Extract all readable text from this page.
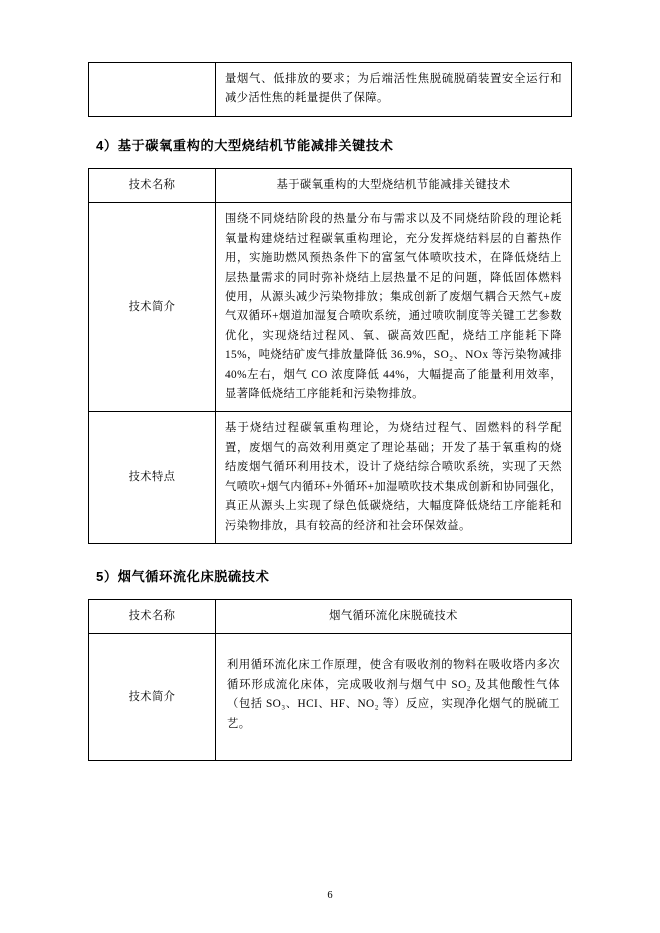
	量烟气、低排放的要求；为后端活性焦脱硫脱硝装置安全运行和减少活性焦的耗量提供了保障。
4）基于碳氧重构的大型烧结机节能减排关键技术
技术名称	基于碳氧重构的大型烧结机节能减排关键技术
技术简介	围绕不同烧结阶段的热量分布与需求以及不同烧结阶段的理论耗氧量构建烧结过程碳氧重构理论，充分发挥烧结料层的自蓄热作用，实施助燃风预热条件下的富氢气体喷吹技术，在降低烧结上层热量需求的同时弥补烧结上层热量不足的问题，降低固体燃料使用，从源头减少污染物排放；集成创新了废烟气耦合天然气+废气双循环+烟道加湿复合喷吹系统，通过喷吹制度等关键工艺参数优化，实现烧结过程风、氧、碳高效匹配，烧结工序能耗下降 15%，吨烧结矿废气排放量降低 36.9%，SO₂、NOx 等污染物减排 40%左右，烟气 CO 浓度降低 44%，大幅提高了能量利用效率，显著降低烧结工序能耗和污染物排放。
技术特点	基于烧结过程碳氧重构理论，为烧结过程气、固燃料的科学配置，废烟气的高效利用奠定了理论基础；开发了基于氧重构的烧结废烟气循环利用技术，设计了烧结综合喷吹系统，实现了天然气喷吹+烟气内循环+外循环+加湿喷吹技术集成创新和协同强化，真正从源头上实现了绿色低碳烧结，大幅度降低烧结工序能耗和污染物排放，具有较高的经济和社会环保效益。
5）烟气循环流化床脱硫技术
技术名称	烟气循环流化床脱硫技术
技术简介	利用循环流化床工作原理，使含有吸收剂的物料在吸收塔内多次循环形成流化床体，完成吸收剂与烟气中 SO₂ 及其他酸性气体（包括 SO₃、HCI、HF、NO₂ 等）反应，实现净化烟气的脱硫工艺。
6
